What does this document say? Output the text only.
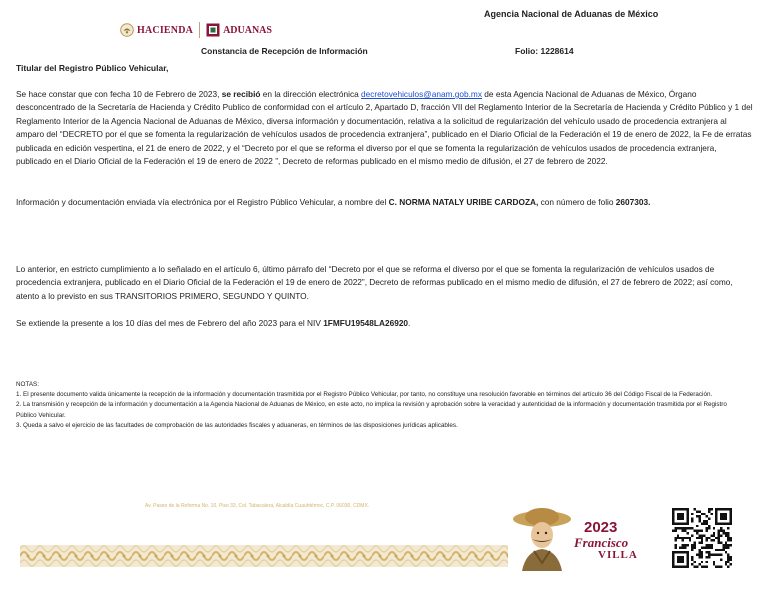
Agencia Nacional de Aduanas de México
HACIENDA	ADUANAS
Constancia de Recepción de Información	Folio: 1228614
Titular del Registro Público Vehicular,
Se hace constar que con fecha 10 de Febrero de 2023, se recibió en la dirección electrónica decretovehiculos@anam.gob.mx de esta Agencia Nacional de Aduanas de México, Órgano desconcentrado de la Secretaría de Hacienda y Crédito Publico de conformidad con el artículo 2, Apartado D, fracción VII del Reglamento Interior de la Secretaría de Hacienda y Crédito Público y 1 del Reglamento Interior de la Agencia Nacional de Aduanas de México, diversa información y documentación, relativa a la solicitud de regularización del vehículo usado de procedencia extranjera al amparo del “DECRETO por el que se fomenta la regularización de vehículos usados de procedencia extranjera”, publicado en el Diario Oficial de la Federación el 19 de enero de 2022, la Fe de erratas publicada en edición vespertina, el 21 de enero de 2022, y el “Decreto por el que se reforma el diverso por el que se fomenta la regularización de vehículos usados de procedencia extranjera, publicado en el Diario Oficial de la Federación el 19 de enero de 2022 ”, Decreto de reformas publicado en el mismo medio de difusión, el 27 de febrero de 2022.
Información y documentación enviada vía electrónica por el Registro Público Vehicular, a nombre del C. NORMA NATALY URIBE CARDOZA, con número de folio 2607303.
Lo anterior, en estricto cumplimiento a lo señalado en el artículo 6, último párrafo del “Decreto por el que se reforma el diverso por el que se fomenta la regularización de vehículos usados de procedencia extranjera, publicado en el Diario Oficial de la Federación el 19 de enero de 2022”, Decreto de reformas publicado en el mismo medio de difusión, el 27 de febrero de 2022; así como, atento a lo previsto en sus TRANSITORIOS PRIMERO, SEGUNDO Y QUINTO.
Se extiende la presente a los 10 días del mes de Febrero del año 2023 para el NIV 1FMFU19548LA26920.
NOTAS:
1. El presente documento valida únicamente la recepción de la información y documentación trasmitida por el Registro Público Vehicular, por tanto, no constituye una resolución favorable en términos del artículo 36 del Código Fiscal de la Federación.
2. La transmisión y recepción de la información y documentación a la Agencia Nacional de Aduanas de México, en este acto, no implica la revisión y aprobación sobre la veracidad y autenticidad de la información y documentación trasmitida por el Registro Público Vehicular.
3. Queda a salvo el ejercicio de las facultades de comprobación de las autoridades fiscales y aduaneras, en términos de las disposiciones jurídicas aplicables.
Av. Paseo de la Reforma No. 10, Piso 33, Col. Tabacalera, Alcaldía Cuauhtémoc, C.P. 06030, CDMX.
2023
Francisco
VILLA
